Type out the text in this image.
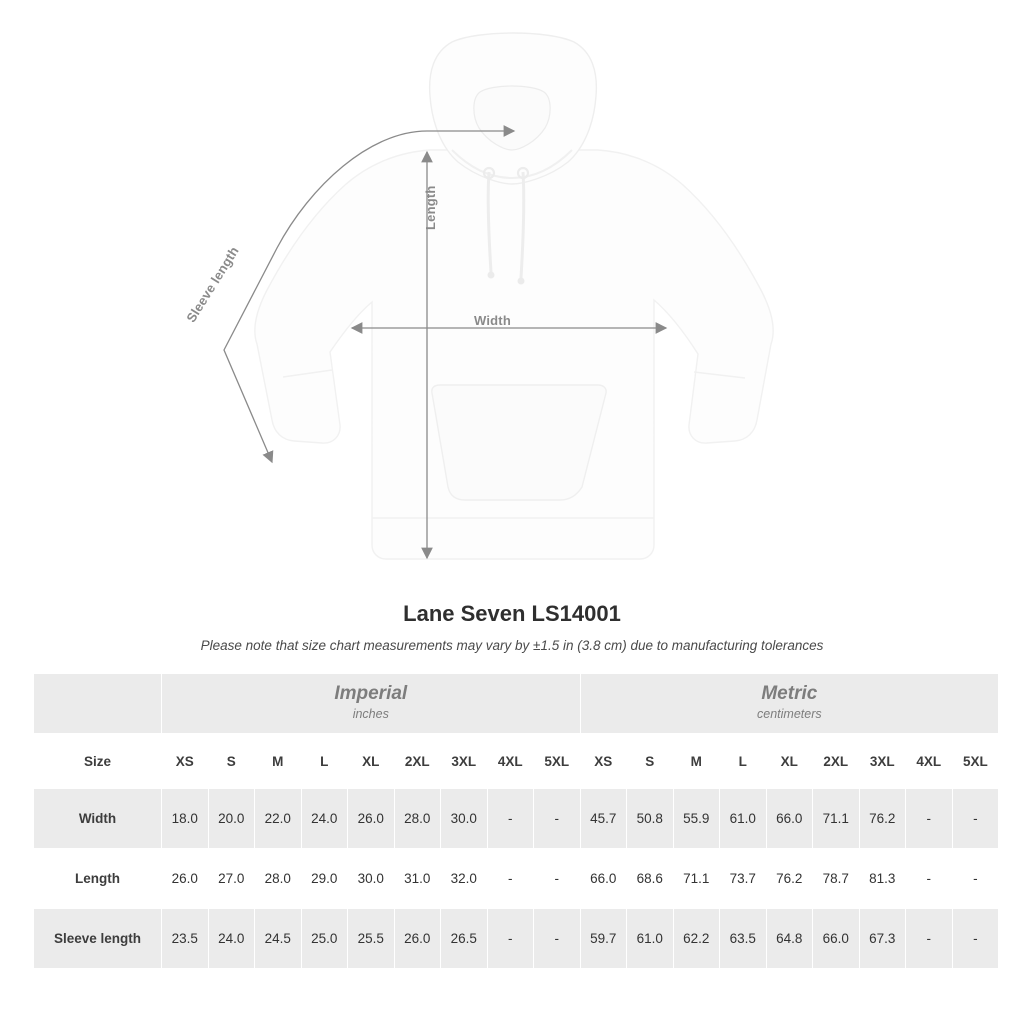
Width
Length
Sleeve length
Lane Seven LS14001

Please note that size chart measurements may vary by ±1.5 in (3.8 cm) due to manufacturing tolerances

Imperial
inches

Metric
centimeters

Size	XS	S	M	L	XL	2XL	3XL	4XL	5XL	XS	S	M	L	XL	2XL	3XL	4XL	5XL
Width	18.0	20.0	22.0	24.0	26.0	28.0	30.0	-	-	45.7	50.8	55.9	61.0	66.0	71.1	76.2	-	-
Length	26.0	27.0	28.0	29.0	30.0	31.0	32.0	-	-	66.0	68.6	71.1	73.7	76.2	78.7	81.3	-	-
Sleeve length	23.5	24.0	24.5	25.0	25.5	26.0	26.5	-	-	59.7	61.0	62.2	63.5	64.8	66.0	67.3	-	-
